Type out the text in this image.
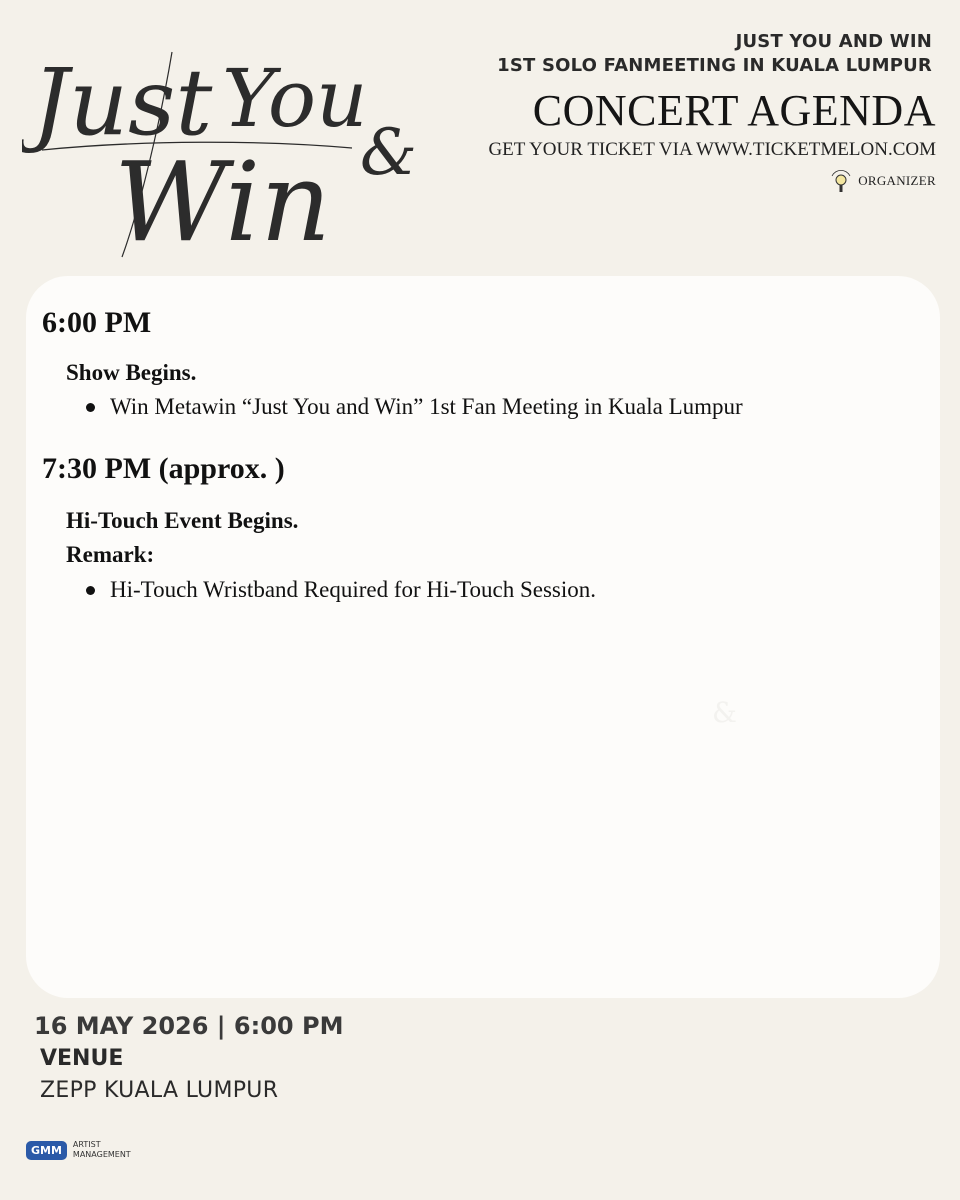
Just You
&
Win
JUST YOU AND WIN
1ST SOLO FANMEETING IN KUALA LUMPUR
CONCERT AGENDA
GET YOUR TICKET VIA WWW.TICKETMELON.COM
ORGANIZER
6:00 PM
Show Begins.
Win Metawin “Just You and Win” 1st Fan Meeting in Kuala Lumpur
7:30 PM (approx. )
Hi-Touch Event Begins.
Remark:
Hi-Touch Wristband Required for Hi-Touch Session.
&
16 MAY 2026 | 6:00 PM
VENUE
ZEPP KUALA LUMPUR
GMM	ARTIST
MANAGEMENT
